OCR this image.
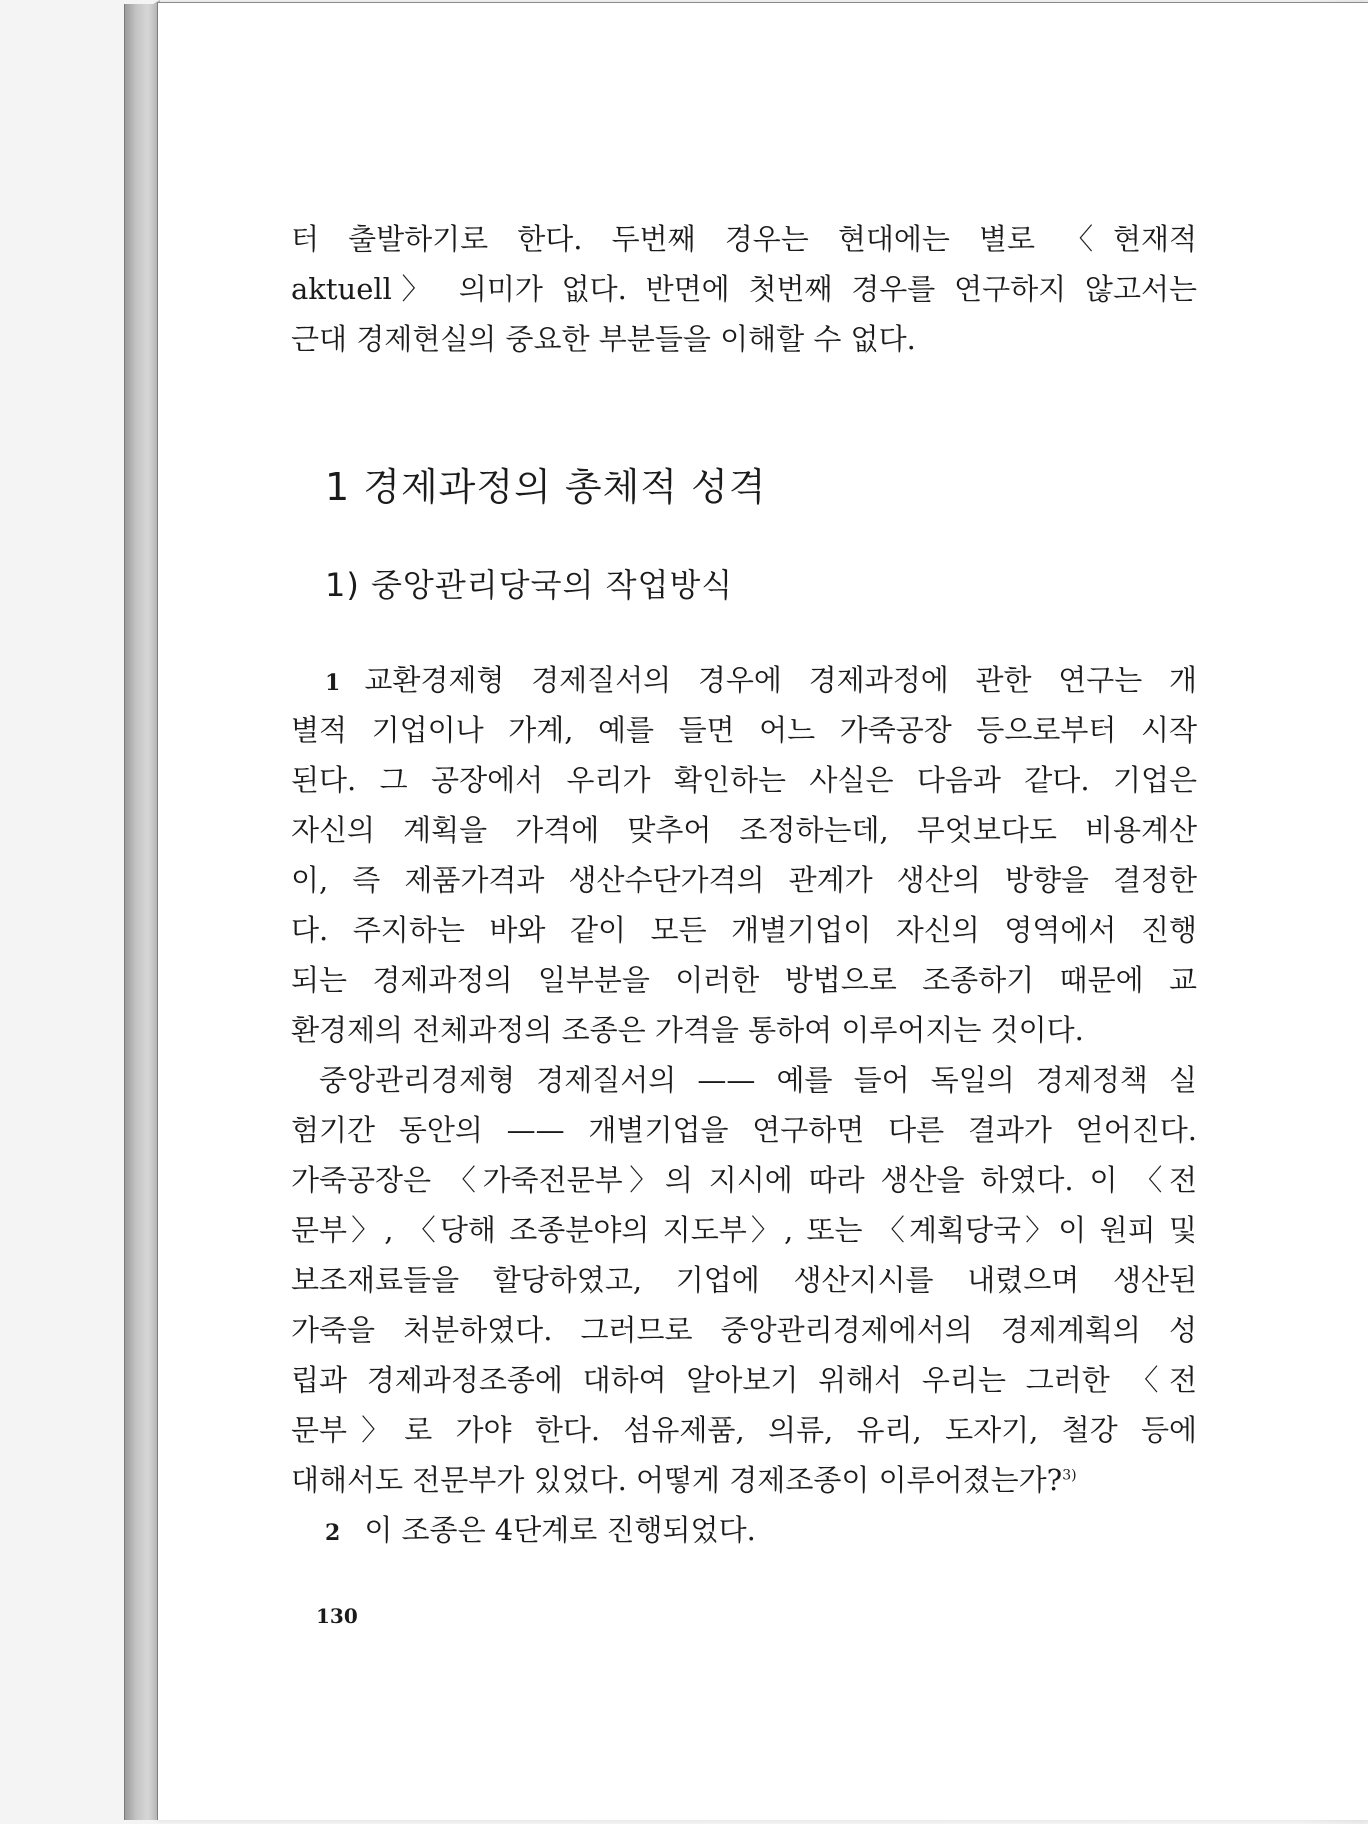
터 출발하기로 한다. 두번째 경우는 현대에는 별로 〈현재적
aktuell〉 의미가 없다. 반면에 첫번째 경우를 연구하지 않고서는
근대 경제현실의 중요한 부분들을 이해할 수 없다.
1 경제과정의 총체적 성격
1) 중앙관리당국의 작업방식
1 교환경제형 경제질서의 경우에 경제과정에 관한 연구는 개
별적 기업이나 가계, 예를 들면 어느 가죽공장 등으로부터 시작
된다. 그 공장에서 우리가 확인하는 사실은 다음과 같다. 기업은
자신의 계획을 가격에 맞추어 조정하는데, 무엇보다도 비용계산
이, 즉 제품가격과 생산수단가격의 관계가 생산의 방향을 결정한
다. 주지하는 바와 같이 모든 개별기업이 자신의 영역에서 진행
되는 경제과정의 일부분을 이러한 방법으로 조종하기 때문에 교
환경제의 전체과정의 조종은 가격을 통하여 이루어지는 것이다.
중앙관리경제형 경제질서의 —— 예를 들어 독일의 경제정책 실
험기간 동안의 —— 개별기업을 연구하면 다른 결과가 얻어진다.
가죽공장은 〈가죽전문부〉의 지시에 따라 생산을 하였다. 이 〈전
문부〉, 〈당해 조종분야의 지도부〉, 또는 〈계획당국〉이 원피 및
보조재료들을 할당하였고, 기업에 생산지시를 내렸으며 생산된
가죽을 처분하였다. 그러므로 중앙관리경제에서의 경제계획의 성
립과 경제과정조종에 대하여 알아보기 위해서 우리는 그러한 〈전
문부〉로 가야 한다. 섬유제품, 의류, 유리, 도자기, 철강 등에
대해서도 전문부가 있었다. 어떻게 경제조종이 이루어졌는가?$^{3)}$
2 이 조종은 4단계로 진행되었다.

130
